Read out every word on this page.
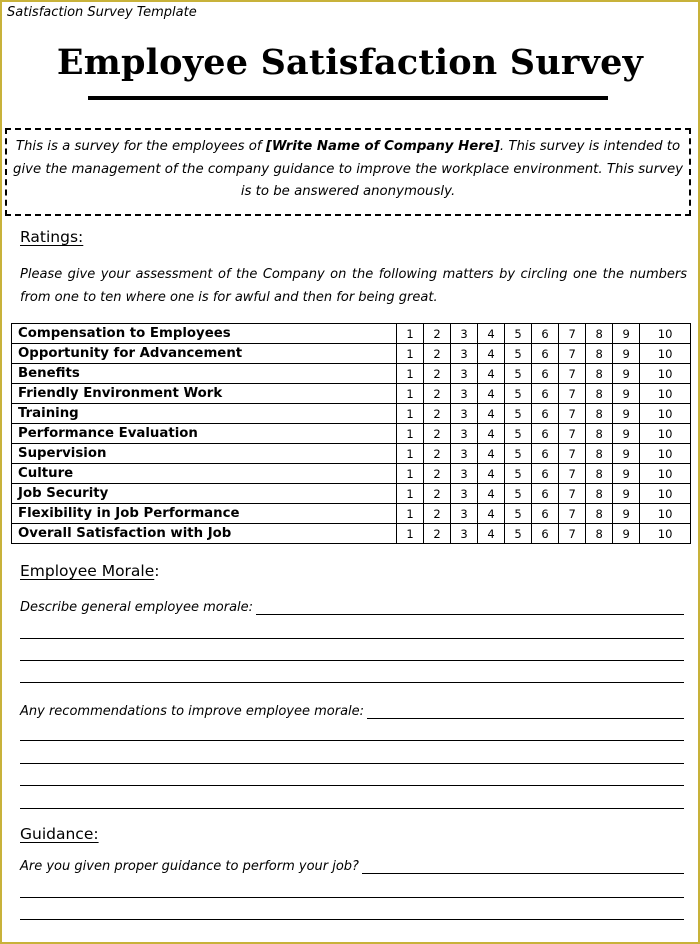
Satisfaction Survey Template
Employee Satisfaction Survey
This is a survey for the employees of [Write Name of Company Here]. This survey is intended to give the management of the company guidance to improve the workplace environment. This survey is to be answered anonymously.
Ratings:
Please give your assessment of the Company on the following matters by circling one the numbers from one to ten where one is for awful and then for being great.
Compensation to Employees	1	2	3	4	5	6	7	8	9	10
Opportunity for Advancement	1	2	3	4	5	6	7	8	9	10
Benefits	1	2	3	4	5	6	7	8	9	10
Friendly Environment Work	1	2	3	4	5	6	7	8	9	10
Training	1	2	3	4	5	6	7	8	9	10
Performance Evaluation	1	2	3	4	5	6	7	8	9	10
Supervision	1	2	3	4	5	6	7	8	9	10
Culture	1	2	3	4	5	6	7	8	9	10
Job Security	1	2	3	4	5	6	7	8	9	10
Flexibility in Job Performance	1	2	3	4	5	6	7	8	9	10
Overall Satisfaction with Job	1	2	3	4	5	6	7	8	9	10
Employee Morale:
Describe general employee morale:
Any recommendations to improve employee morale:
Guidance:
Are you given proper guidance to perform your job?
